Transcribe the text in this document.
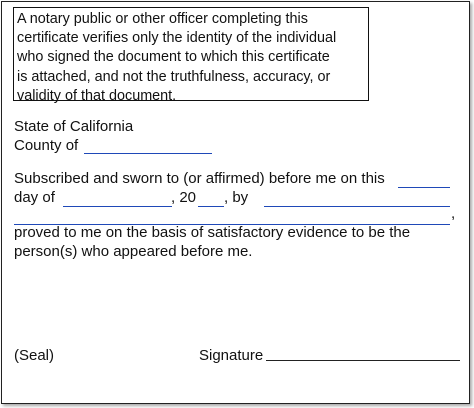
A notary public or other officer completing this
certificate verifies only the identity of the individual
who signed the document to which this certificate
is attached, and not the truthfulness, accuracy, or
validity of that document.
State of California
County of
Subscribed and sworn to (or affirmed) before me on this
day of	, 20 , by
,
proved to me on the basis of satisfactory evidence to be the
person(s) who appeared before me.
(Seal)	Signature
